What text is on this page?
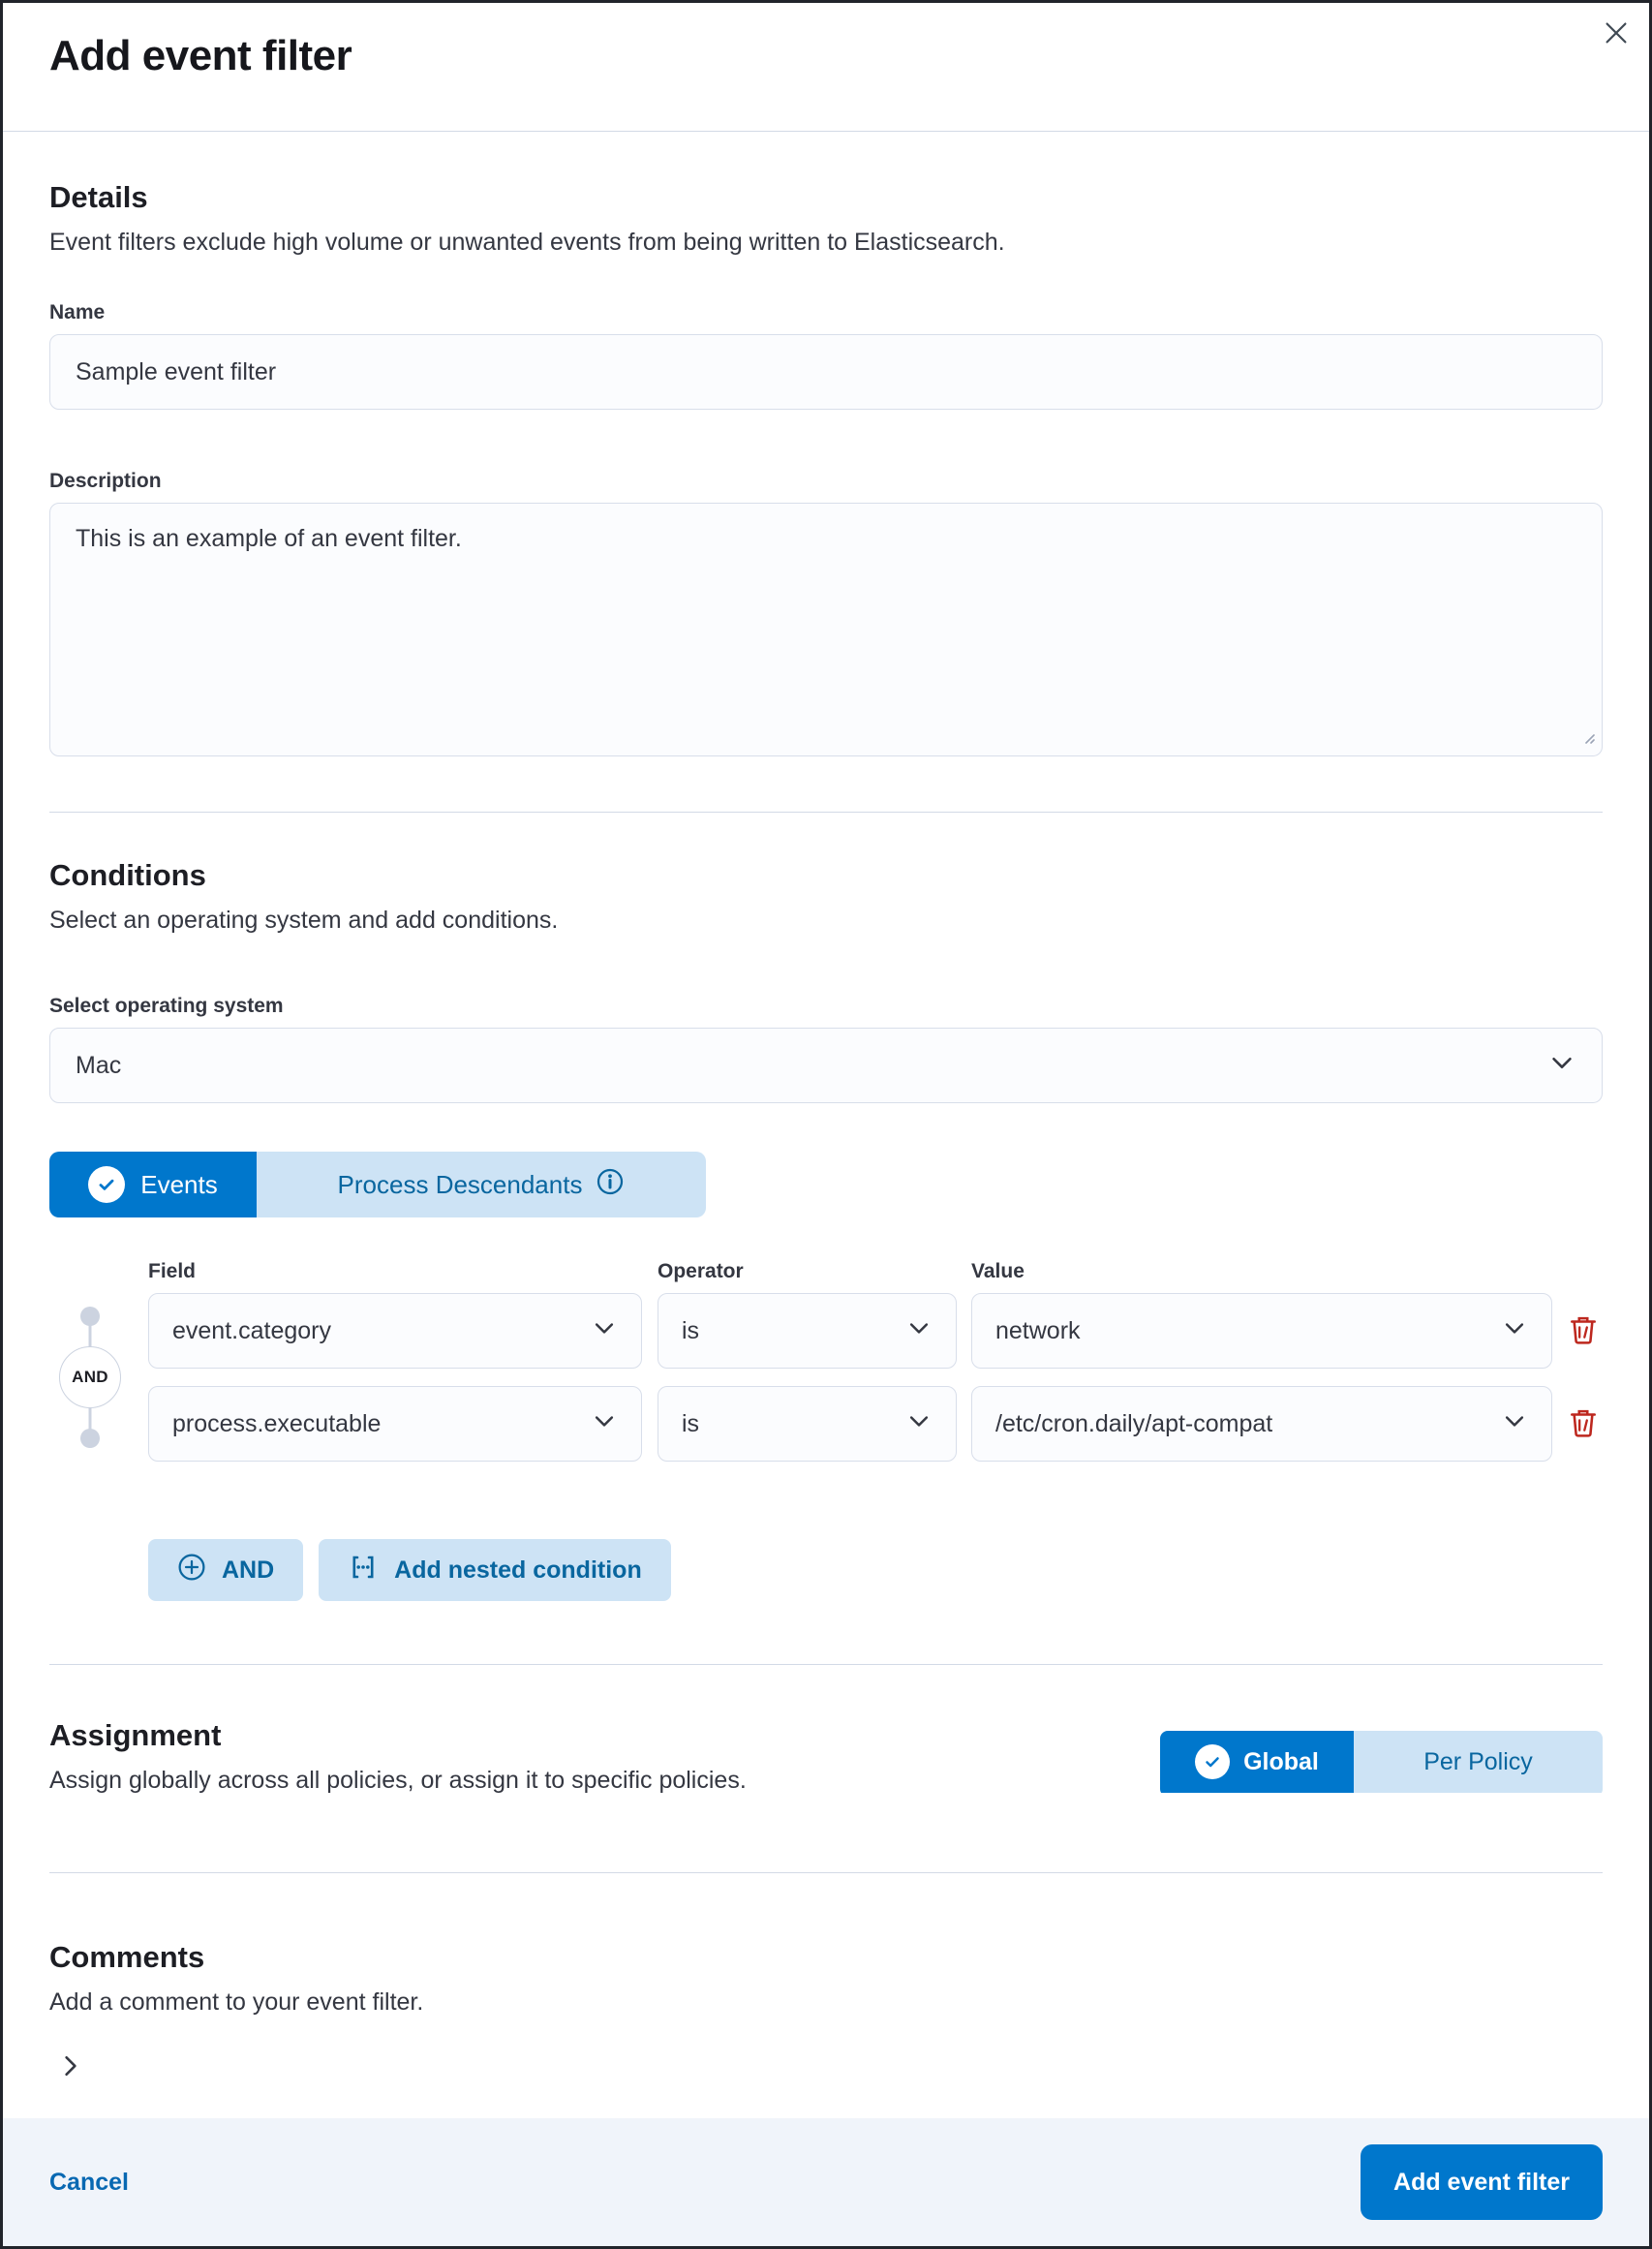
Add event filter
Details
Event filters exclude high volume or unwanted events from being written to Elasticsearch.
Name
Sample event filter
Description
This is an example of an event filter.
Conditions
Select an operating system and add conditions.
Select operating system
Mac
Events	Process Descendants
Field	Operator	Value
AND
event.category	is	network
process.executable	is	/etc/cron.daily/apt-compat
AND	Add nested condition
Assignment
Assign globally across all policies, or assign it to specific policies.
Global	Per Policy
Comments
Add a comment to your event filter.
Cancel	Add event filter
